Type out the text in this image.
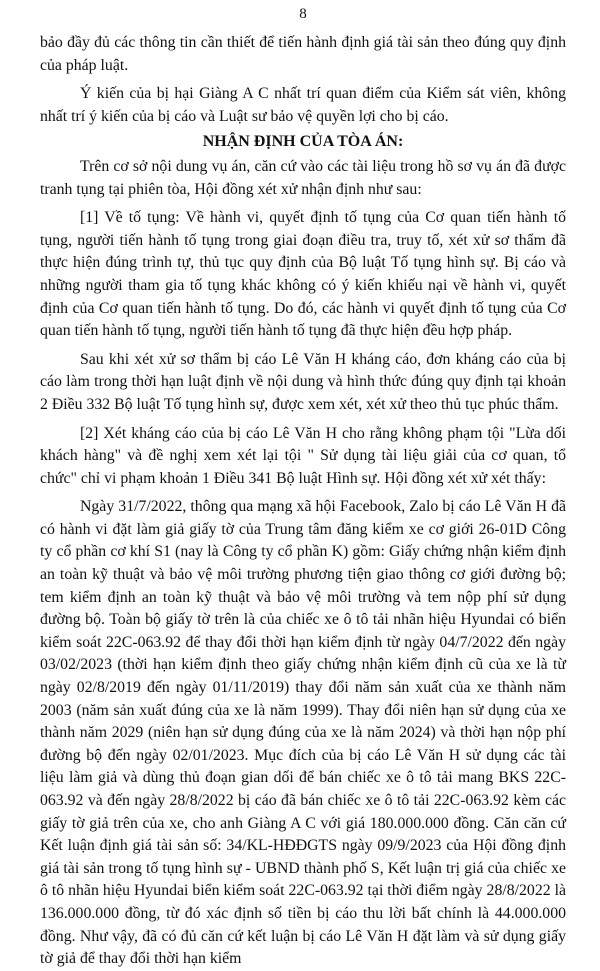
8

bảo đầy đủ các thông tin cần thiết để tiến hành định giá tài sản theo đúng quy định của pháp luật.

Ý kiến của bị hại Giàng A C nhất trí quan điểm của Kiểm sát viên, không nhất trí ý kiến của bị cáo và Luật sư bảo vệ quyền lợi cho bị cáo.

NHẬN ĐỊNH CỦA TÒA ÁN:

Trên cơ sở nội dung vụ án, căn cứ vào các tài liệu trong hồ sơ vụ án đã được tranh tụng tại phiên tòa, Hội đồng xét xử nhận định như sau:

[1] Về tố tụng: Về hành vi, quyết định tố tụng của Cơ quan tiến hành tố tụng, người tiến hành tố tụng trong giai đoạn điều tra, truy tố, xét xử sơ thẩm đã thực hiện đúng trình tự, thủ tục quy định của Bộ luật Tố tụng hình sự. Bị cáo và những người tham gia tố tụng khác không có ý kiến khiếu nại về hành vi, quyết định của Cơ quan tiến hành tố tụng. Do đó, các hành vi quyết định tố tụng của Cơ quan tiến hành tố tụng, người tiến hành tố tụng đã thực hiện đều hợp pháp.

Sau khi xét xử sơ thẩm bị cáo Lê Văn H kháng cáo, đơn kháng cáo của bị cáo làm trong thời hạn luật định về nội dung và hình thức đúng quy định tại khoản 2 Điều 332 Bộ luật Tố tụng hình sự, được xem xét, xét xử theo thủ tục phúc thẩm.

[2] Xét kháng cáo của bị cáo Lê Văn H cho rằng không phạm tội "Lừa dối khách hàng" và đề nghị xem xét lại tội " Sử dụng tài liệu giải của cơ quan, tổ chức" chỉ vi phạm khoản 1 Điều 341 Bộ luật Hình sự. Hội đồng xét xử xét thấy:

Ngày 31/7/2022, thông qua mạng xã hội Facebook, Zalo bị cáo Lê Văn H đã có hành vi đặt làm giả giấy tờ của Trung tâm đăng kiểm xe cơ giới 26-01D Công ty cổ phần cơ khí S1 (nay là Công ty cổ phần K) gồm: Giấy chứng nhận kiểm định an toàn kỹ thuật và bảo vệ môi trường phương tiện giao thông cơ giới đường bộ; tem kiểm định an toàn kỹ thuật và bảo vệ môi trường và tem nộp phí sử dụng đường bộ. Toàn bộ giấy tờ trên là của chiếc xe ô tô tải nhãn hiệu Hyundai có biển kiểm soát 22C-063.92 để thay đổi thời hạn kiểm định từ ngày 04/7/2022 đến ngày 03/02/2023 (thời hạn kiểm định theo giấy chứng nhận kiểm định cũ của xe là từ ngày 02/8/2019 đến ngày 01/11/2019) thay đổi năm sản xuất của xe thành năm 2003 (năm sản xuất đúng của xe là năm 1999). Thay đổi niên hạn sử dụng của xe thành năm 2029 (niên hạn sử dụng đúng của xe là năm 2024) và thời hạn nộp phí đường bộ đến ngày 02/01/2023. Mục đích của bị cáo Lê Văn H sử dụng các tài liệu làm giả và dùng thủ đoạn gian dối để bán chiếc xe ô tô tải mang BKS 22C-063.92 và đến ngày 28/8/2022 bị cáo đã bán chiếc xe ô tô tải 22C-063.92 kèm các giấy tờ giả trên của xe, cho anh Giàng A C với giá 180.000.000 đồng. Căn căn cứ Kết luận định giá tài sản số: 34/KL-HĐĐGTS ngày 09/9/2023 của Hội đồng định giá tài sản trong tố tụng hình sự - UBND thành phố S, Kết luận trị giá của chiếc xe ô tô nhãn hiệu Hyundai biển kiểm soát 22C-063.92 tại thời điểm ngày 28/8/2022 là 136.000.000 đồng, từ đó xác định số tiền bị cáo thu lời bất chính là 44.000.000 đồng. Như vậy, đã có đủ căn cứ kết luận bị cáo Lê Văn H đặt làm và sử dụng giấy tờ giả để thay đổi thời hạn kiểm
